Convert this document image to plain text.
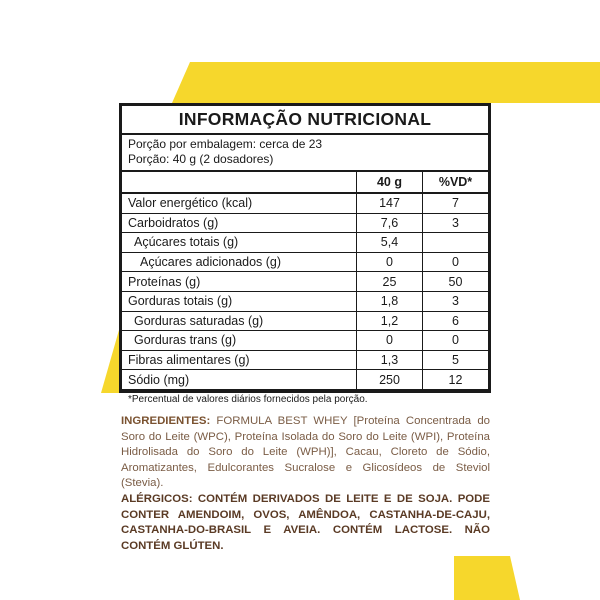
INFORMAÇÃO NUTRICIONAL
Porção por embalagem: cerca de 23
Porção: 40 g (2 dosadores)
	40 g	%VD*
Valor energético (kcal)	147	7
Carboidratos (g)	7,6	3
Açúcares totais (g)	5,4	
Açúcares adicionados (g)	0	0
Proteínas (g)	25	50
Gorduras totais (g)	1,8	3
Gorduras saturadas (g)	1,2	6
Gorduras trans (g)	0	0
Fibras alimentares (g)	1,3	5
Sódio (mg)	250	12
*Percentual de valores diários fornecidos pela porção.
INGREDIENTES: FORMULA BEST WHEY [Proteína Concentrada do Soro do Leite (WPC), Proteína Isolada do Soro do Leite (WPI), Proteína Hidrolisada do Soro do Leite (WPH)], Cacau, Cloreto de Sódio, Aromatizantes, Edulcorantes Sucralose e Glicosídeos de Steviol (Stevia).
ALÉRGICOS: CONTÉM DERIVADOS DE LEITE E DE SOJA. PODE CONTER AMENDOIM, OVOS, AMÊNDOA, CASTANHA-DE-CAJU, CASTANHA-DO-BRASIL E AVEIA. CONTÉM LACTOSE. NÃO CONTÉM GLÚTEN.
